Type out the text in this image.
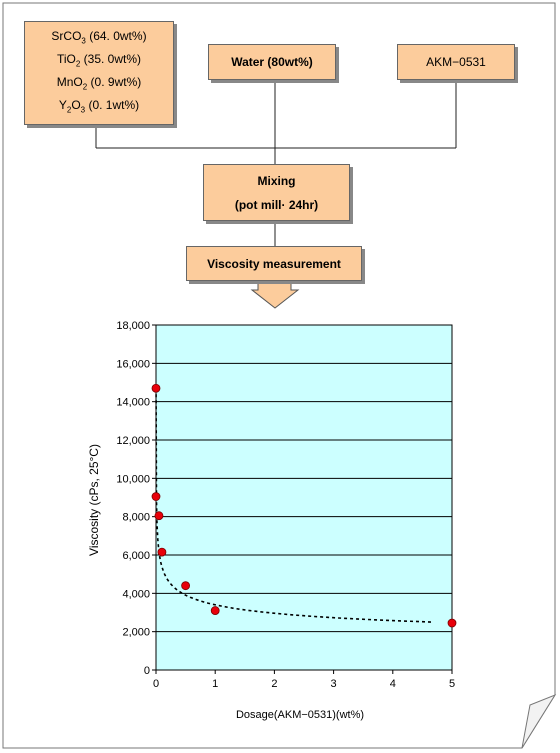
0
2,000
4,000
6,000
8,000
10,000
12,000
14,000
16,000
18,000
0	1	2	3	4	5
Dosage(AKM−0531)(wt%)
Viscosity (cPs, 25°C)
SrCO$_3$ (64. 0wt%)
TiO$_2$ (35. 0wt%)
MnO$_2$ (0. 9wt%)
$Y_2O_3$ (0. 1wt%)
Water (80wt%)	AKM−0531
Mixing
(pot mill· 24hr)
Viscosity measurement
